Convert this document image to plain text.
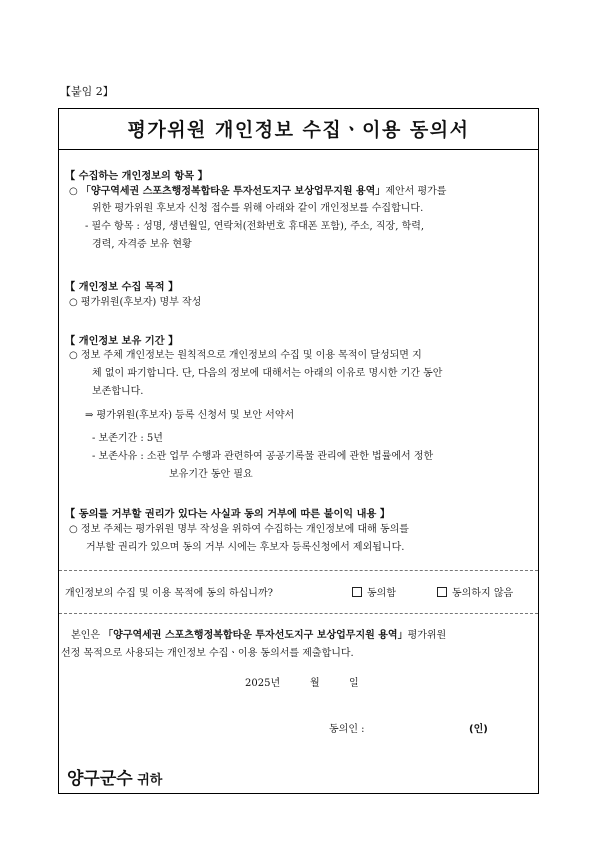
【붙임 2】
평가위원 개인정보 수집ㆍ이용 동의서
【 수집하는 개인정보의 항목 】
○ 「양구역세권 스포츠행정복합타운 투자선도지구 보상업무지원 용역」제안서 평가를
위한 평가위원 후보자 신청 접수를 위해 아래와 같이 개인정보를 수집합니다.
- 필수 항목 : 성명, 생년월일, 연락처(전화번호 휴대폰 포함), 주소, 직장, 학력,
경력, 자격증 보유 현황
【 개인정보 수집 목적 】
○ 평가위원(후보자) 명부 작성
【 개인정보 보유 기간 】
○ 정보 주체 개인정보는 원칙적으로 개인정보의 수집 및 이용 목적이 달성되면 지
체 없이 파기합니다. 단, 다음의 정보에 대해서는 아래의 이유로 명시한 기간 동안
보존합니다.
⇒ 평가위원(후보자) 등록 신청서 및 보안 서약서
- 보존기간 : 5년
- 보존사유 : 소관 업무 수행과 관련하여 공공기록물 관리에 관한 법률에서 정한
보유기간 동안 필요
【 동의를 거부할 권리가 있다는 사실과 동의 거부에 따른 불이익 내용 】
○ 정보 주체는 평가위원 명부 작성을 위하여 수집하는 개인정보에 대해 동의를
거부할 권리가 있으며 동의 거부 시에는 후보자 등록신청에서 제외됩니다.
개인정보의 수집 및 이용 목적에 동의 하십니까?	동의함	동의하지 않음
본인은 「양구역세권 스포츠행정복합타운 투자선도지구 보상업무지원 용역」평가위원
선정 목적으로 사용되는 개인정보 수집ㆍ이용 동의서를 제출합니다.
2025년	월	일
동의인 :	(인)
양구군수 귀하
